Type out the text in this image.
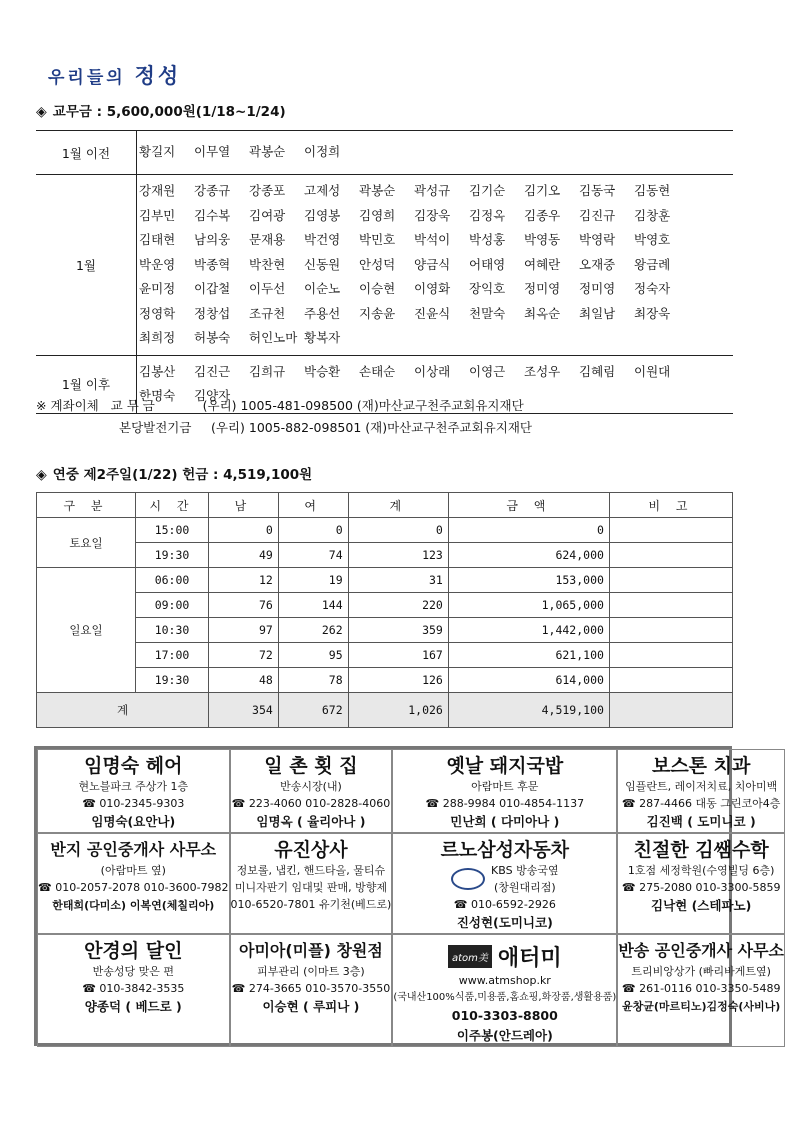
우리들의 정성
◈ 교무금 : 5,600,000원(1/18~1/24)
1월 이전	황길지 이무열 곽봉순 이정희
1월	강재원 강종규 강종포 고제성 곽봉순 곽성규 김기순 김기오 김동국 김동현김부민 김수복 김여광 김영봉 김영희 김장욱 김정옥 김종우 김진규 김창훈김태현 남의웅 문재용 박건영 박민호 박석이 박성홍 박영동 박영락 박영호박운영 박종혁 박찬현 신동원 안성덕 양금식 어태영 여혜란 오재중 왕금례윤미정 이갑철 이두선 이순노 이승현 이영화 장익호 정미영 정미영 정숙자정영학 정창섭 조규천 주용선 지송윤 진윤식 천말숙 최옥순 최일남 최장욱최희정 허봉숙 허인노마 황복자
1월 이후	김봉산 김진근 김희규 박승환 손태순 이상래 이영근 조성우 김혜림 이원대한명숙 김양자
※ 계좌이체 교 무 금	(우리) 1005-481-098500 (재)마산교구천주교회유지재단
본당발전기금 (우리) 1005-882-098501 (재)마산교구천주교회유지재단
◈ 연중 제2주일(1/22) 헌금 : 4,519,100원
구 분	시 간	남	여	계	금 액	비 고
토요일	15:00	0	0	0	0	
	19:30	49	74	123	624,000	
일요일	06:00	12	19	31	153,000	
	09:00	76	144	220	1,065,000	
	10:30	97	262	359	1,442,000	
	17:00	72	95	167	621,100	
	19:30	48	78	126	614,000	
계		354	672	1,026	4,519,100	
임명숙 헤어
현노블파크 주상가 1층
☎ 010-2345-9303
임명숙(요안나)
일 촌 횟 집
반송시장(내)
☎ 223-4060 010-2828-4060
임명옥 ( 율리아나 )
옛날 돼지국밥
아람마트 후문
☎ 288-9984 010-4854-1137
민난희 ( 다미아나 )
보스톤 치과
임플란트, 레이저치료, 치아미백
☎ 287-4466 대동 그린코아4층
김진백 ( 도미니코 )
반지 공인중개사 사무소
(아람마트 옆)
☎ 010-2057-2078 010-3600-7982
한태희(다미소) 이복연(체칠리아)
유진상사
정보롤, 냅킨, 핸드타올, 물티슈
미니자판기 임대및 판매, 방향제
010-6520-7801 유기천(베드로)
르노삼성자동차
KBS 방송국옆
(창원대리점)
☎ 010-6592-2926
진성현(도미니코)
친절한 김쌤수학
1호점 세정학원(수영빌딩 6층)
☎ 275-2080 010-3300-5859
김낙현 (스테파노)
안경의 달인
반송성당 맞은 편
☎ 010-3842-3535
양종덕 ( 베드로 )
아미아(미플) 창원점
피부관리 (이마트 3층)
☎ 274-3665 010-3570-3550
이승현 ( 루피나 )
atom美 애터미
www.atmshop.kr
(국내산100%식품,미용품,홈쇼핑,화장품,생활용품)
010-3303-8800
이주봉(안드레아)
반송 공인중개사 사무소
트리비앙상가 (빠리바게트옆)
☎ 261-0116 010-3350-5489
윤창균(마르티노)김정숙(사비나)
